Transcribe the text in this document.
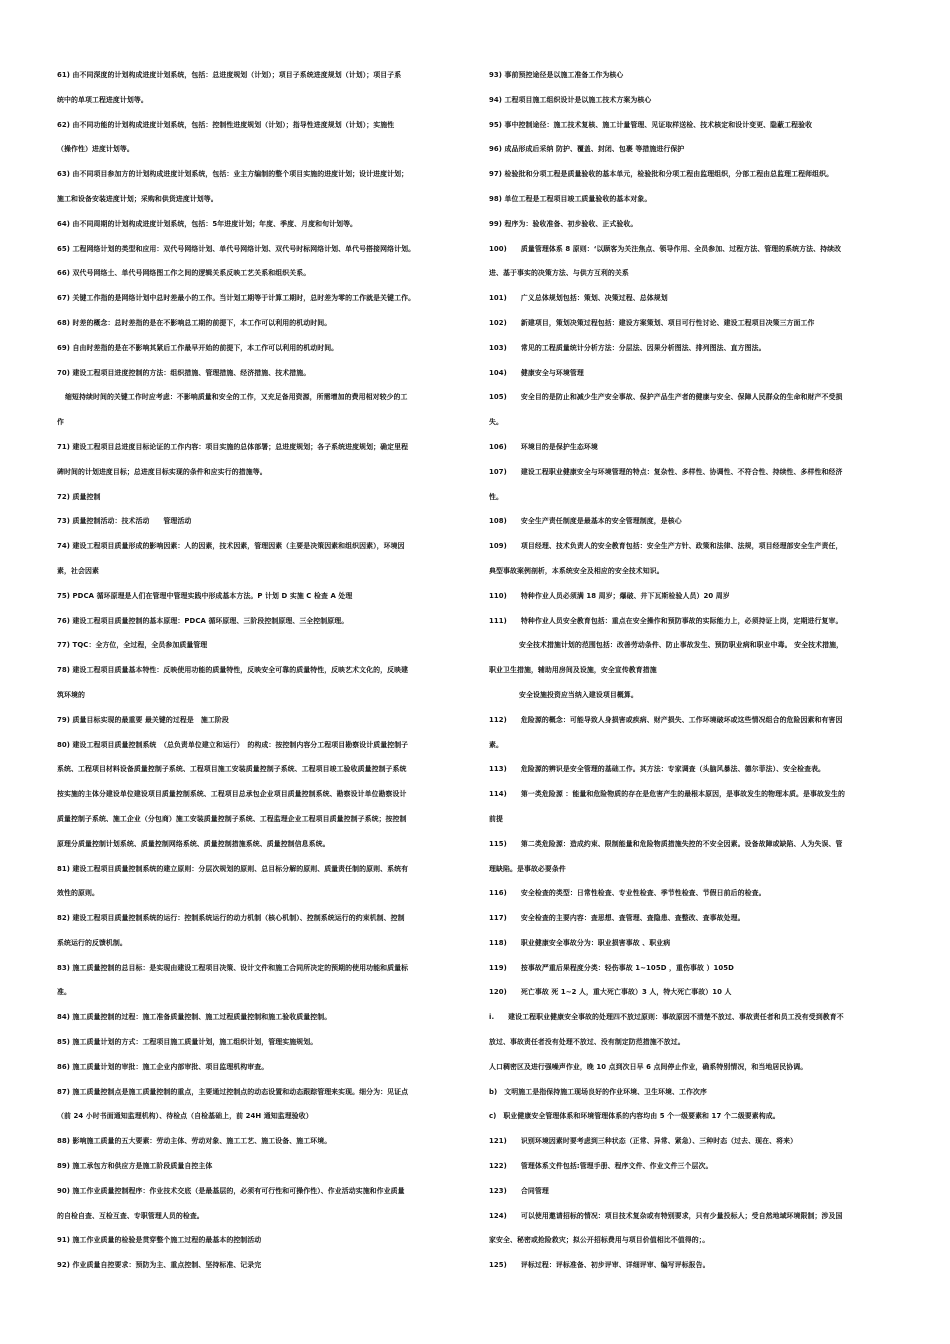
61) 由不同深度的计划构成进度计划系统，包括：总进度规划（计划）；项目子系统进度规划（计划）；项目子系
统中的单项工程进度计划等。
62) 由不同功能的计划构成进度计划系统，包括：控制性进度规划（计划）；指导性进度规划（计划）；实施性
（操作性）进度计划等。
63) 由不同项目参加方的计划构成进度计划系统，包括：业主方编制的整个项目实施的进度计划；设计进度计划；
施工和设备安装进度计划；采购和供货进度计划等。
64) 由不同周期的计划构成进度计划系统，包括：5年进度计划；年度、季度、月度和旬计划等。
65) 工程网络计划的类型和应用：双代号网络计划、单代号网络计划、双代号时标网络计划、单代号搭接网络计划。
66) 双代号网络土、单代号网络图工作之间的逻辑关系反映工艺关系和组织关系。
67) 关键工作指的是网络计划中总时差最小的工作。当计划工期等于计算工期时，总时差为零的工作就是关键工作。
68) 时差的概念：总时差指的是在不影响总工期的前提下，本工作可以利用的机动时间。
69) 自由时差指的是在不影响其紧后工作最早开始的前提下，本工作可以利用的机动时间。
70) 建设工程项目进度控制的方法：组织措施、管理措施、经济措施、技术措施。
缩短持续时间的关键工作时应考虑：不影响质量和安全的工作，又充足备用资源，所需增加的费用相对较少的工
作
71) 建设工程项目总进度目标论证的工作内容：项目实施的总体部署；总进度规划；各子系统进度规划；确定里程
碑时间的计划进度目标；总进度目标实现的条件和应实行的措施等。
72) 质量控制
73) 质量控制活动：技术活动　　管理活动
74) 建设工程项目质量形成的影响因素：人的因素，技术因素，管理因素（主要是决策因素和组织因素），环境因
素，社会因素
75) PDCA 循环原理是人们在管理中管理实践中形成基本方法。P 计划 D 实施 C 检查 A 处理
76) 建设工程项目质量控制的基本原理：PDCA 循环原理、三阶段控制原理、三全控制原理。
77) TQC：全方位，全过程，全员参加质量管理
78) 建设工程项目质量基本特性：反映使用功能的质量特性，反映安全可靠的质量特性，反映艺术文化的，反映建
筑环境的
79) 质量目标实现的最重要 最关键的过程是　施工阶段
80) 建设工程项目质量控制系统　（总负责单位建立和运行）　的构成：按控制内容分工程项目勘察设计质量控制子
系统、工程项目材料设备质量控制子系统、工程项目施工安装质量控制子系统、工程项目竣工验收质量控制子系统
按实施的主体分建设单位建设项目质量控制系统、工程项目总承包企业项目质量控制系统、勘察设计单位勘察设计
质量控制子系统、施工企业（分包商）施工安装质量控制子系统、工程监理企业工程项目质量控制子系统；按控制
原理分质量控制计划系统、质量控制网络系统、质量控制措施系统、质量控制信息系统。
81) 建设工程项目质量控制系统的建立原则：分层次规划的原则、总目标分解的原则、质量责任制的原则、系统有
效性的原则。
82) 建设工程项目质量控制系统的运行：控制系统运行的动力机制（核心机制）、控制系统运行的约束机制、控制
系统运行的反馈机制。
83) 施工质量控制的总目标：是实现由建设工程项目决策、设计文件和施工合同所决定的预期的使用功能和质量标
准。
84) 施工质量控制的过程：施工准备质量控制、施工过程质量控制和施工验收质量控制。
85) 施工质量计划的方式：工程项目施工质量计划，施工组织计划，管理实施规划。
86) 施工质量计划的审批：施工企业内部审批、项目监理机构审查。
87) 施工质量控制点是施工质量控制的重点，主要通过控制点的动态设置和动态跟踪管理来实现。细分为：见证点
（前 24 小时书面通知监理机构）、待检点（自检基础上，前 24H 通知监理验收）
88) 影响施工质量的五大要素：劳动主体、劳动对象、施工工艺、施工设备、施工环境。
89) 施工承包方和供应方是施工阶段质量自控主体
90) 施工作业质量控制程序：作业技术交底（是最基层的，必须有可行性和可操作性）、作业活动实施和作业质量
的自检自查、互检互查、专职管理人员的检查。
91) 施工作业质量的检验是贯穿整个施工过程的最基本的控制活动
92) 作业质量自控要求：预防为主、重点控制、坚持标准、记录完
93) 事前预控途径是以施工准备工作为核心
94) 工程项目施工组织设计是以施工技术方案为核心
95) 事中控制途径：施工技术复核、施工计量管理、见证取样送检、技术核定和设计变更、隐蔽工程验收
96) 成品形成后采纳 防护、覆盖、封闭、包裹 等措施进行保护
97) 检验批和分项工程是质量验收的基本单元，检验批和分项工程由监理组织，分部工程由总监理工程师组织。
98) 单位工程是工程项目竣工质量验收的基本对象。
99) 程序为：验收准备、初步验收、正式验收。
100)　　质量管理体系 8 原则：‘以顾客为关注焦点、领导作用、全员参加、过程方法、管理的系统方法、持续改
进、基于事实的决策方法、与供方互利的关系
101)　　广义总体规划包括：策划、决策过程、总体规划
102)　　新建项目，策划决策过程包括：建设方案策划、项目可行性讨论、建设工程项目决策三方面工作
103)　　常见的工程质量统计分析方法：分层法、因果分析图法、排列图法、直方图法。
104)　　健康安全与环境管理
105)　　安全目的是防止和减少生产安全事故、保护产品生产者的健康与安全、保障人民群众的生命和财产不受损
失。
106)　　环境目的是保护生态环境
107)　　建设工程职业健康安全与环境管理的特点：复杂性、多样性、协调性、不符合性、持续性、多样性和经济
性。
108)　　安全生产责任制度是最基本的安全管理制度，是核心
109)　　项目经理、技术负责人的安全教育包括：安全生产方针、政策和法律、法规，项目经理部安全生产责任，
典型事故案例剖析，本系统安全及相应的安全技术知识。
110)　　特种作业人员必须满 18 周岁；爆破、井下瓦斯检验人员）20 周岁
111)　　特种作业人员安全教育包括：重点在安全操作和预防事故的实际能力上，必须持证上岗，定期进行复审。
安全技术措施计划的范围包括：改善劳动条件、防止事故发生、预防职业病和职业中毒。 安全技术措施，
职业卫生措施，辅助用房间及设施，安全宣传教育措施
安全设施投资应当纳入建设项目概算。
112)　　危险源的概念：可能导致人身损害或疾病、财产损失、工作环境破坏或这些情况组合的危险因素和有害因
素。
113)　　危险源的辨识是安全管理的基础工作。其方法：专家调查（头脑风暴法、德尔菲法）、安全检查表。
114)　　第一类危险源 ：能量和危险物质的存在是危害产生的最根本原因，是事故发生的物理本质。是事故发生的
前提
115)　　第二类危险源：造成约束、限制能量和危险物质措施失控的不安全因素。设备故障或缺陷、人为失误、管
理缺陷。是事故必要条件
116)　　安全检查的类型：日常性检查、专业性检查、季节性检查、节假日前后的检查。
117)　　安全检查的主要内容：查思想、查管理、查隐患、查整改、查事故处理。
118)　　职业健康安全事故分为：职业损害事故 、职业病
119)　　按事故严重后果程度分类：轻伤事故 1~105D ，重伤事故 ）105D
120)　　死亡事故 死 1~2 人，重大死亡事故）3 人，特大死亡事故）10 人
i.　　建设工程职业健康安全事故的处理四不放过原则：事故原因不清楚不放过、事故责任者和员工没有受到教育不
放过、事故责任者没有处理不放过、没有制定防范措施不放过。
人口稠密区及进行强噪声作业，晚 10 点到次日早 6 点间停止作业，确系特别情况，和当地居民协调。
b)　文明施工是指保持施工现场良好的作业环境、卫生环境、工作次序
c)　职业健康安全管理体系和环境管理体系的内容均由 5 个一级要素和 17 个二级要素构成。
121)　　识别环境因素时要考虑到三种状态（正常、异常、紧急）、三种时态（过去、现在、将来）
122)　　管理体系文件包括:管理手册、程序文件、作业文件三个层次。
123)　　合同管理
124)　　可以使用邀请招标的情况：项目技术复杂或有特别要求，只有少量投标人；受自然地域环境限制；涉及国
家安全、秘密或抢险救灾；拟公开招标费用与项目价值相比不值得的；。
125)　　评标过程：评标准备、初步评审、详细评审、编写评标报告。
